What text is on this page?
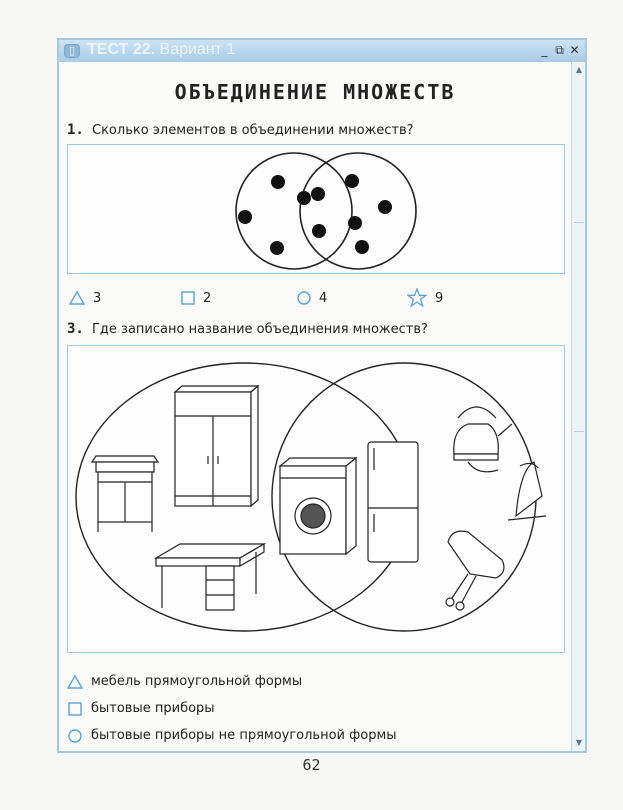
▯ ТЕСТ 22. Вариант 1	_ ⧉ ✕
▲
▼
ОБЪЕДИНЕНИЕ МНОЖЕСТВ
1. Сколько элементов в объединении множеств?
3	2	4	9
3. Где записано название объединения множеств?
мебель прямоугольной формы
бытовые приборы
бытовые приборы не прямоугольной формы
62
